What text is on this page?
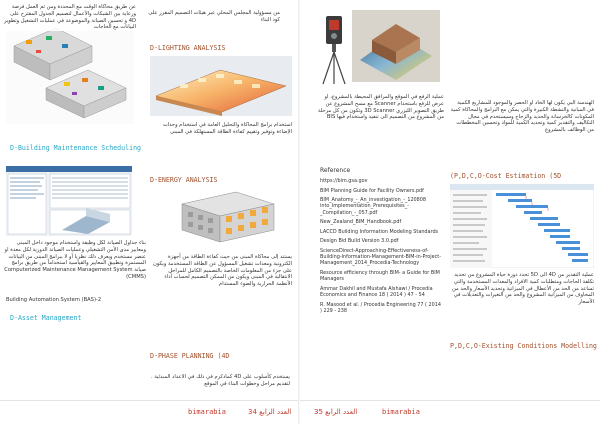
من مسؤولية المجلس المحلي عبر هيئات التصميم المقرر على كود البناء
عن طريق محاكاة الوقت مع المحددة ومن ثم العمل فرصة ورعاية بين الشبكات والأعمال لتصميم الجدول المقترح على 4D و تحسين الصيانة والموضوعة في عمليات التشغيل وتطوير البيانات مع الحاجات
D-LIGHTING ANALYSIS
D-Building Maintenance Scheduling
استخدام برامج المحاكاة والتحليل العامة في استخدام وحدات الإضاءة وتوفير وتقييم كفاءة الطاقة المستهلكة في المبنى
D-ENERGY ANALYSIS
بناء جداول الصيانة لكل وظيفة واستخدام موجود داخل المبنى ومعايير مدى الأمن التشغيلي وعمليات الصيانة الدورية لكل معدة او عنصر مستخدم ويعرف ذلك نظريا أو لا ببرامج المبنى من البيانات المستمرة وتطبيق المعايير والقياسية استخداماً من طريق برامج صيانة Computerized Maintenance Management System (CMMS)
Building Automation System (BAS)-2
يستند إلى محاكاة المبنى من حيث كفاءة الطاقة من أجهزة الكترونية ومعدات تشغيل المسؤول عن الطاقة المستخدمة ويكون على جزء من المعلومات الخاصة بالتصميم الكامل للمراحل الانتقالية في المبنى ويكون من الممكن التصميم لحساب أداء الأنظمة الحرارية والضوء المستدام
D-Asset Management
D-PHASE PLANNING (4D
يستخدم كأسلوب على 4D كمادكرم في ذلك في الاعداد المبدئية . لتقديم مراحل وخطوات البناء في الموقع
bimarabia	العدد الرابع 34
عملية الرفع في الموقع والمرافق المحيطة بالمشروع، او عرض للرفع باستخدام Scanner مع مسح المشروع عن طريق التصوير الليزري 3D Scanner وتكون من كل مرحلة من المشروع من التصميم الى تنفيذ واستخدام فيها BIS
الهندسة البي يكون لها الخاد او الحصر والموجود للمشاريع الكمية في المبانية والنشطة الكبيرة والتي يمكن مع البرامج والمحاكاة كمية المكونات كالخرسانة والحديد والزجاج وسيستخدم في مجال التكاليف والتقدير كمية وتحديد الكمية للمواد وتحسين المخططات من الوظائف بالمشروع
(P,D,C,O-Cost Estimation (5D
Reference
https://bim.gsa.gov
BIM Planning Guide for Facility Owners.pdf
BIM_Anatomy_-_An_investigation_-_120808 into_Implementation_Prerequisites_-_Compilation_-_057.pdf
New_Zealand_BIM_Handbook.pdf
LACCD Building Information Modeling Standards
Design Bid Build Version 3.0.pdf
ScienceDirect-Approaching-Effectiveness-of-Building-Information-Management-BIM-in-Project-Management_2014_Procedia-Technology
Resource efficiency through BIM- a Guide for BIM Managers
Ammar Dakhil and Mustafa Alshawi / Procedia Economics and Finance 18 ( 2014 ) 47 - 54
R. Masood et al. / Procedia Engineering 77 ( 2014 ) 229 - 238
عملية التقدير من 4D الى 5D تحدد دورة حياة المشروع من تحديد تكلفة الحاجات ومتطلبات كمية الافراد والمعدات المستخدمة والتي تساعد من الحد من الأعطال في الميزانية وتحديد الأسعار والحد من المخاوف من الميزانية المشروع والحد من التغيرات والتعديلات في الأسعار
P,D,C,O-Existing Conditions Modelling
العدد الرابع 35	bimarabia
